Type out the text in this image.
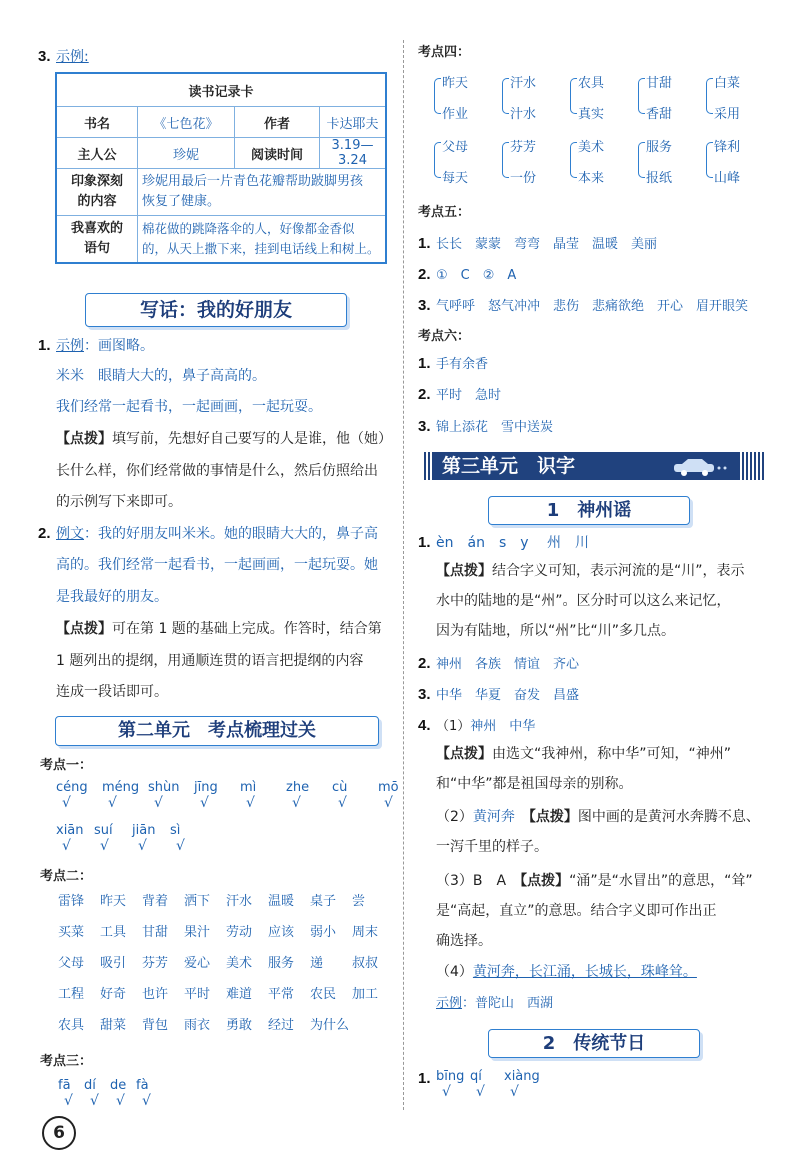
3. 示例:
读书记录卡			
书名	《七色花》	作者	卡达耶夫
主人公	珍妮	阅读时间	3.19—3.24
印象深刻
的内容	珍妮用最后一片青色花瓣帮助跛脚男孩
恢复了健康。		
我喜欢的
语句	棉花做的跳降落伞的人，好像都金香似
的，从天上撒下来，挂到电话线上和树上。		
写话：我的好朋友
1. 示例：画图略。
米米　眼睛大大的，鼻子高高的。
我们经常一起看书，一起画画，一起玩耍。
【点拨】填写前，先想好自己要写的人是谁，他（她）
长什么样，你们经常做的事情是什么，然后仿照给出
的示例写下来即可。
2. 例文：我的好朋友叫米米。她的眼睛大大的，鼻子高
高的。我们经常一起看书，一起画画，一起玩耍。她
是我最好的朋友。
【点拨】可在第 1 题的基础上完成。作答时，结合第
1 题列出的提纲，用通顺连贯的语言把提纲的内容
连成一段话即可。
第二单元　考点梳理过关
考点一：
céng
√
méng
√
shùn
√
jīng
√
mì
√
zhe
√
cù
√
mō
√
xiān
√
suí
√
jiān
√
sì
√
考点二：
雷锋 昨天 背着 洒下 汗水 温暖 桌子 尝
买菜 工具 甘甜 果汁 劳动 应该 弱小 周末
父母 吸引 芬芳 爱心 美术 服务 递 叔叔
工程 好奇 也许 平时 难道 平常 农民 加工
农具 甜菜 背包 雨衣 勇敢 经过 为什么
考点三：
fā
√
dí
√
de
√
fà
√
6
考点四：
昨天
作业
汗水
汁水
农具
真实
甘甜
香甜
白菜
采用
父母
每天
芬芳
一份
美术
本来
服务
报纸
锋利
山峰
考点五：
1. 长长　蒙蒙　弯弯　晶莹　温暖　美丽
2. ①　C　②　A
3. 气呼呼　怒气冲冲　悲伤　悲痛欲绝　开心　眉开眼笑
考点六：
1. 手有余香
2. 平时　急时
3. 锦上添花　雪中送炭
第三单元　识字
1　神州谣
1. èn　án　s　y　 州　川
【点拨】结合字义可知，表示河流的是“川”，表示
水中的陆地的是“州”。区分时可以这么来记忆，
因为有陆地，所以“州”比“川”多几点。
2. 神州　各族　情谊　齐心
3. 中华　华夏　奋发　昌盛
4. （1）神州　中华
【点拨】由选文“我神州，称中华”可知，“神州”
和“中华”都是祖国母亲的别称。
（2）黄河奔　 【点拨】图中画的是黄河水奔腾不息、
一泻千里的样子。
（3）B　A　 【点拨】“涌”是“水冒出”的意思，“耸”
是“高起，直立”的意思。结合字义即可作出正
确选择。
（4）黄河奔，长江涌，长城长，珠峰耸。
示例：普陀山　西湖
2　传统节日
1. bīng
√
qí
√
xiàng
√
